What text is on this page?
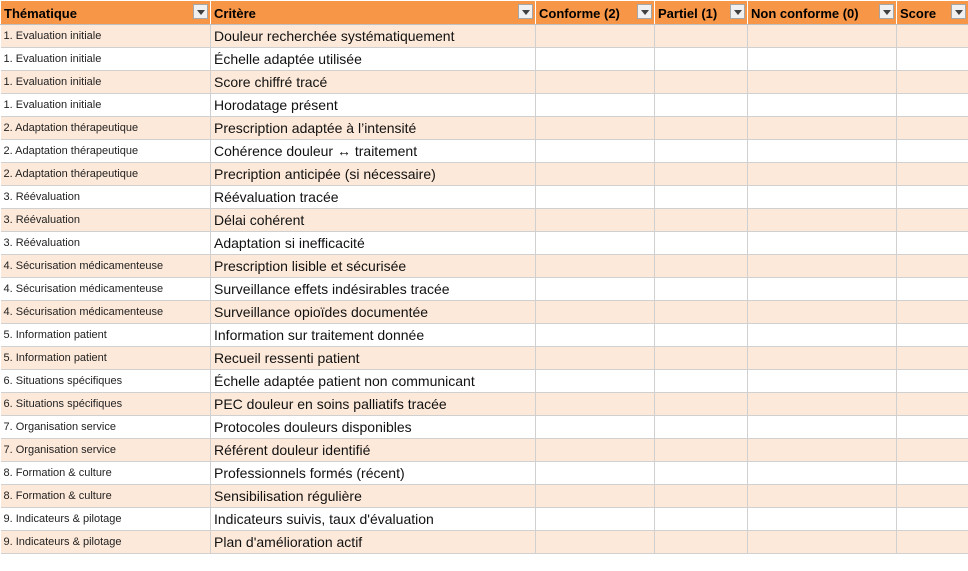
Thématique	Critère	Conforme (2)	Partiel (1)	Non conforme (0)	Score

1. Evaluation initiale	Douleur recherchée systématiquement				
1. Evaluation initiale	Échelle adaptée utilisée				
1. Evaluation initiale	Score chiffré tracé				
1. Evaluation initiale	Horodatage présent				
2. Adaptation thérapeutique	Prescription adaptée à l’intensité				
2. Adaptation thérapeutique	Cohérence douleur ↔ traitement				
2. Adaptation thérapeutique	Precription anticipée (si nécessaire)				
3. Réévaluation	Réévaluation tracée				
3. Réévaluation	Délai cohérent				
3. Réévaluation	Adaptation si inefficacité				
4. Sécurisation médicamenteuse	Prescription lisible et sécurisée				
4. Sécurisation médicamenteuse	Surveillance effets indésirables tracée				
4. Sécurisation médicamenteuse	Surveillance opioïdes documentée				
5. Information patient	Information sur traitement donnée				
5. Information patient	Recueil ressenti patient				
6. Situations spécifiques	Échelle adaptée patient non communicant				
6. Situations spécifiques	PEC douleur en soins palliatifs tracée				
7. Organisation service	Protocoles douleurs disponibles				
7. Organisation service	Référent douleur identifié				
8. Formation & culture	Professionnels formés (récent)				
8. Formation & culture	Sensibilisation régulière				
9. Indicateurs & pilotage	Indicateurs suivis, taux d'évaluation				
9. Indicateurs & pilotage	Plan d'amélioration actif				
